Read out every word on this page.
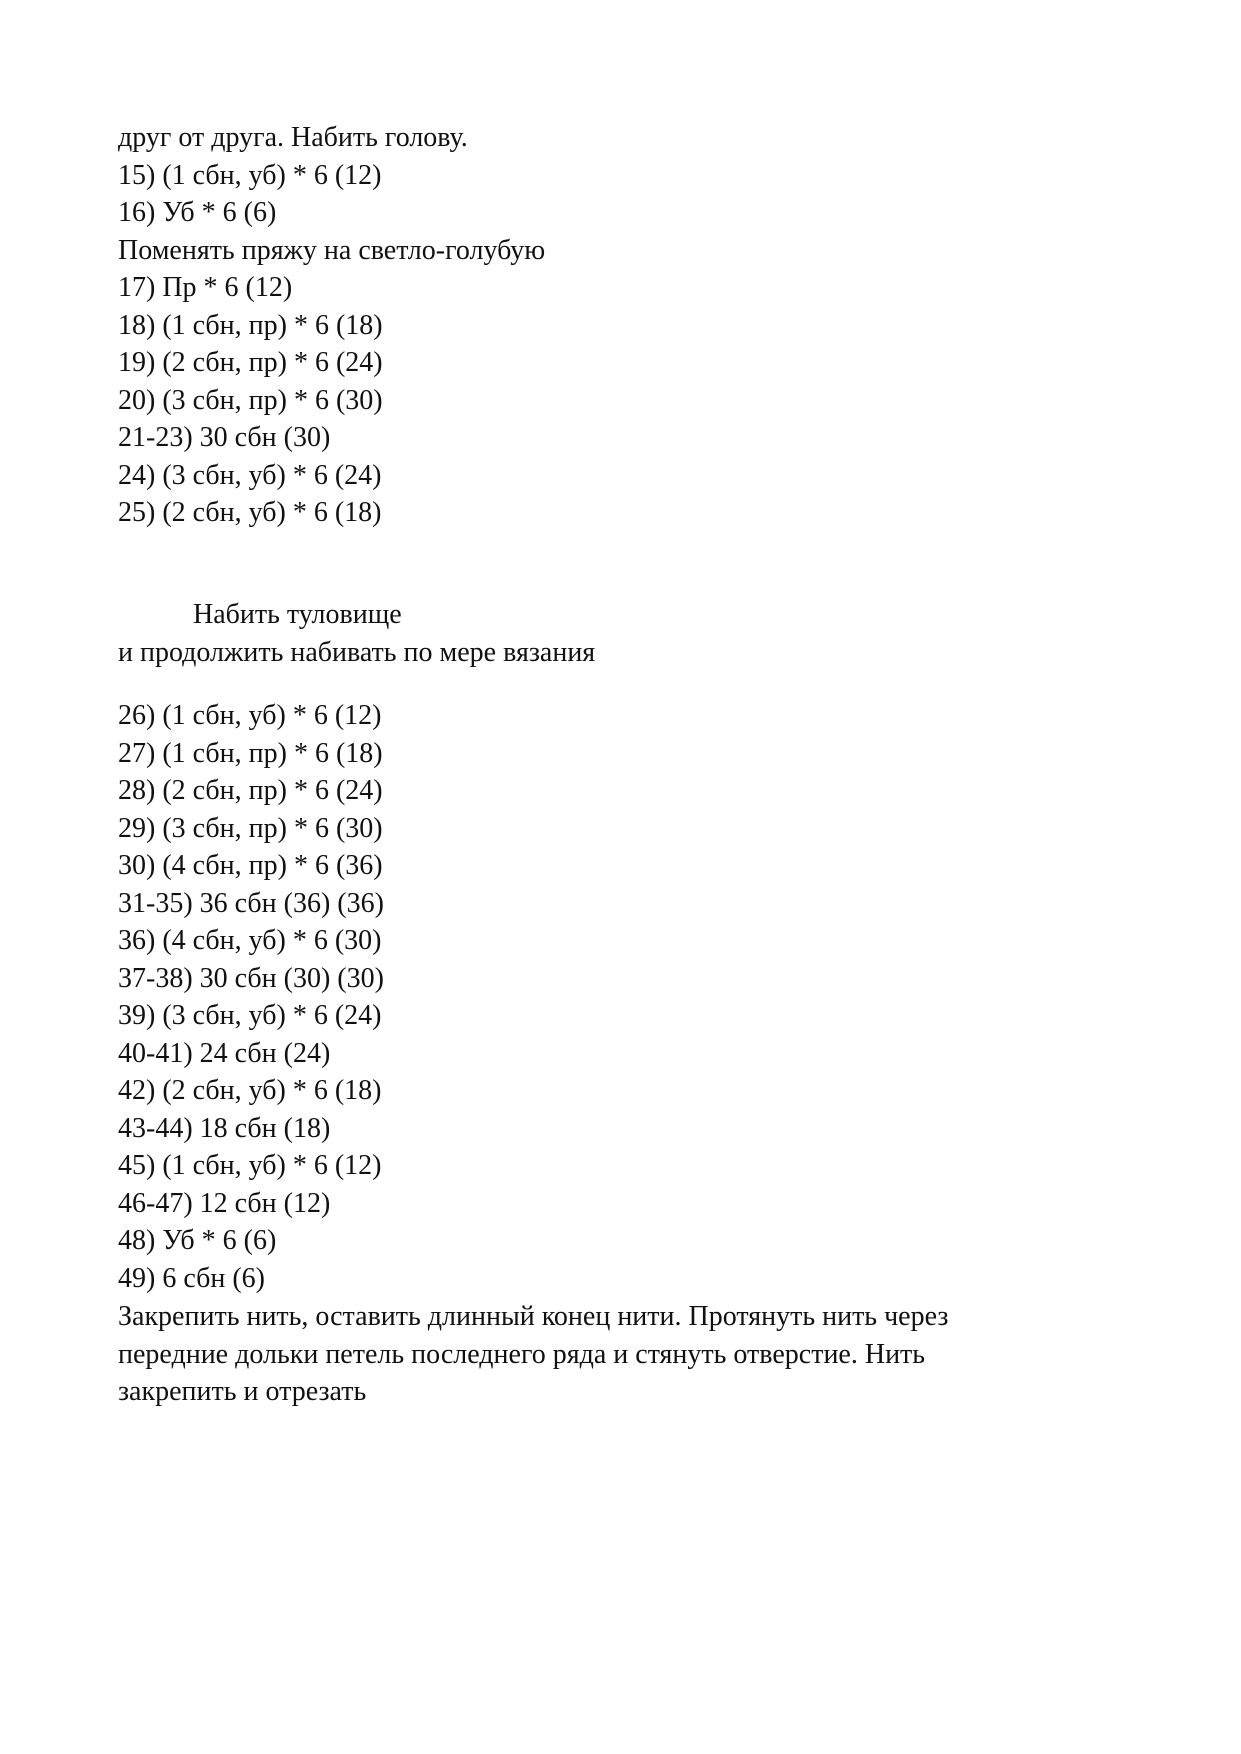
друг от друга. Набить голову.
15) (1 сбн, уб) * 6 (12)
16) Уб * 6 (6)
Поменять пряжу на светло-голубую
17) Пр * 6 (12)
18) (1 сбн, пр) * 6 (18)
19) (2 сбн, пр) * 6 (24)
20) (3 сбн, пр) * 6 (30)
21-23) 30 сбн (30)
24) (3 сбн, уб) * 6 (24)
25) (2 сбн, уб) * 6 (18)
Набить туловище
и продолжить набивать по мере вязания
26) (1 сбн, уб) * 6 (12)
27) (1 сбн, пр) * 6 (18)
28) (2 сбн, пр) * 6 (24)
29) (3 сбн, пр) * 6 (30)
30) (4 сбн, пр) * 6 (36)
31-35) 36 сбн (36) (36)
36) (4 сбн, уб) * 6 (30)
37-38) 30 сбн (30) (30)
39) (3 сбн, уб) * 6 (24)
40-41) 24 сбн (24)
42) (2 сбн, уб) * 6 (18)
43-44) 18 сбн (18)
45) (1 сбн, уб) * 6 (12)
46-47) 12 сбн (12)
48) Уб * 6 (6)
49) 6 сбн (6)
Закрепить нить, оставить длинный конец нити. Протянуть нить через
передние дольки петель последнего ряда и стянуть отверстие. Нить
закрепить и отрезать
